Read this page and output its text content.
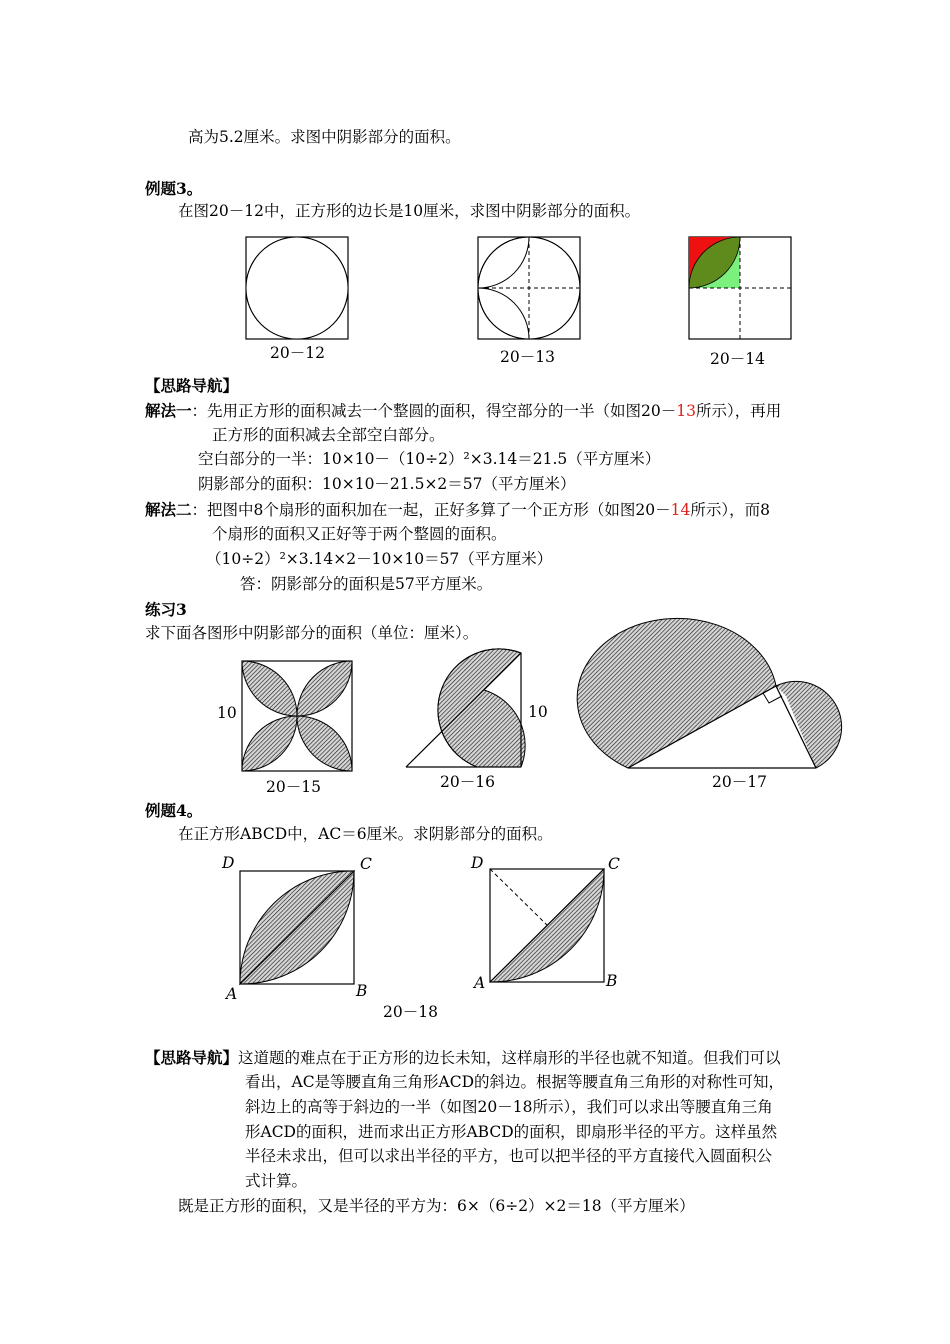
高为5.2厘米。求图中阴影部分的面积。
例题3。
在图20－12中，正方形的边长是10厘米，求图中阴影部分的面积。
20－12	20－13	20－14
【思路导航】
解法一：先用正方形的面积减去一个整圆的面积，得空部分的一半（如图20－13所示），再用
正方形的面积减去全部空白部分。
空白部分的一半：10×10－（10÷2）²×3.14＝21.5（平方厘米）
阴影部分的面积：10×10－21.5×2＝57（平方厘米）
解法二：把图中8个扇形的面积加在一起，正好多算了一个正方形（如图20－14所示），而8
个扇形的面积又正好等于两个整圆的面积。
（10÷2）²×3.14×2－10×10＝57（平方厘米）
答：阴影部分的面积是57平方厘米。
练习3
求下面各图形中阴影部分的面积（单位：厘米）。
10
20－15
10
20－16	20－17
例题4。
在正方形ABCD中，AC＝6厘米。求阴影部分的面积。
D	C
A	B
D	C
A	B
20－18
【思路导航】这道题的难点在于正方形的边长未知，这样扇形的半径也就不知道。但我们可以
看出，AC是等腰直角三角形ACD的斜边。根据等腰直角三角形的对称性可知，
斜边上的高等于斜边的一半（如图20－18所示），我们可以求出等腰直角三角
形ACD的面积，进而求出正方形ABCD的面积，即扇形半径的平方。这样虽然
半径未求出，但可以求出半径的平方，也可以把半径的平方直接代入圆面积公
式计算。
既是正方形的面积，又是半径的平方为：6×（6÷2）×2＝18（平方厘米）
